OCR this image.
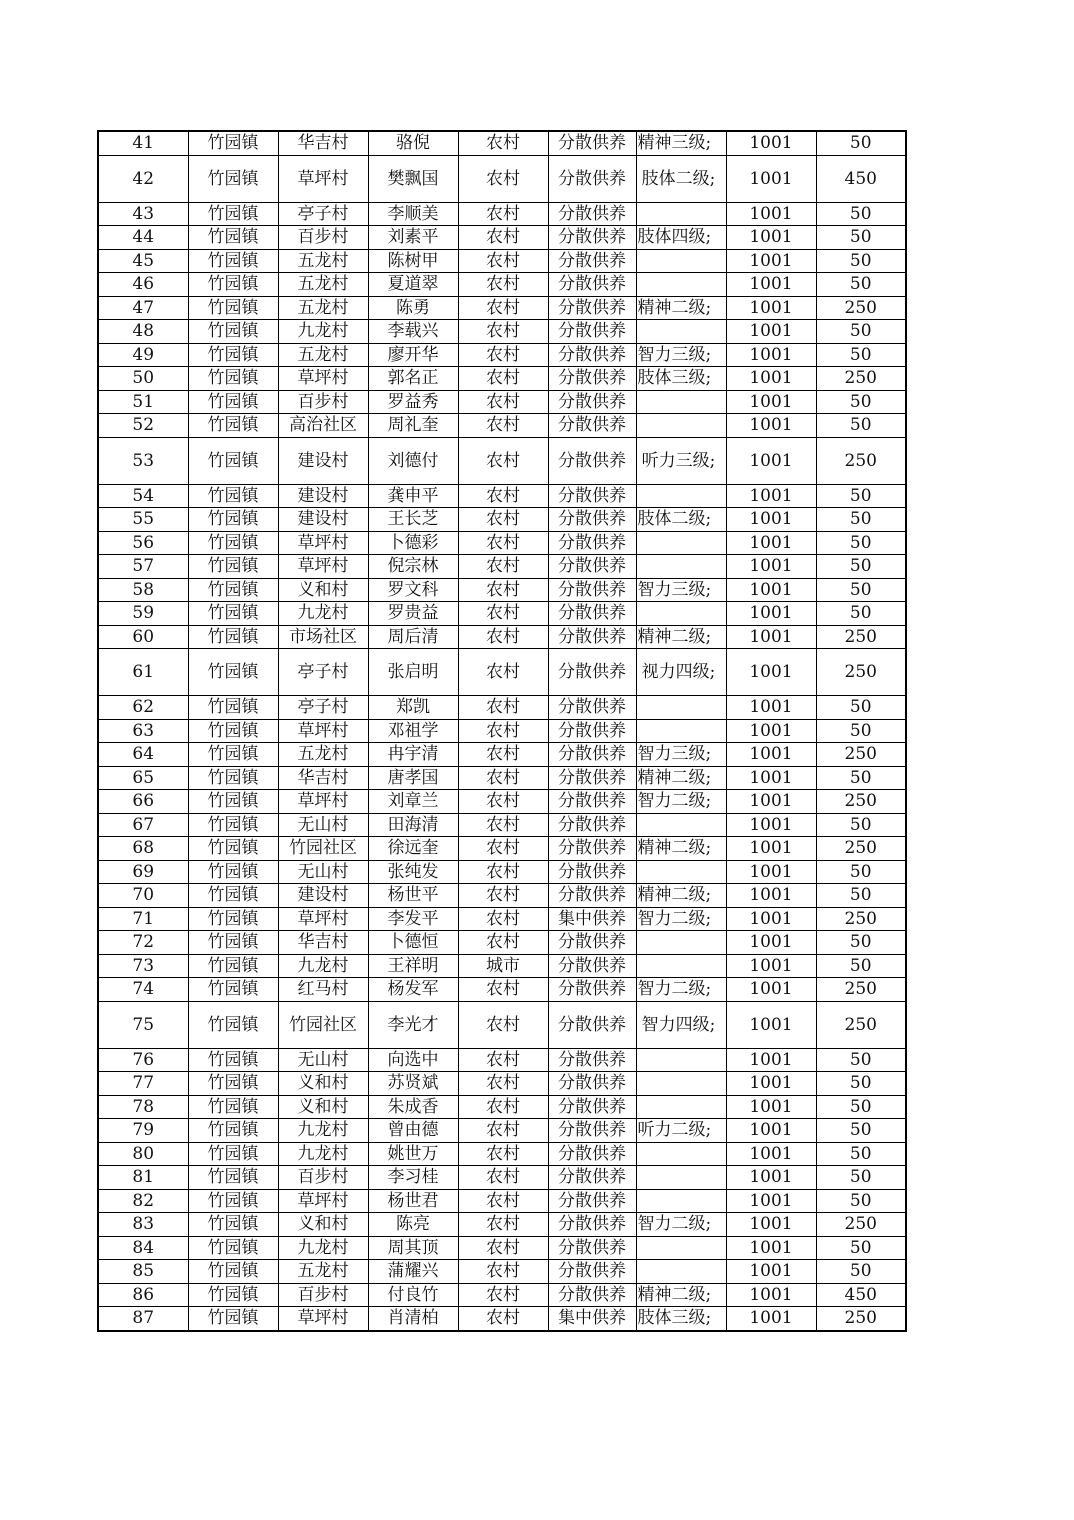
41	竹园镇	华吉村	骆倪	农村	分散供养	精神三级;	1001	50
42	竹园镇	草坪村	樊飘国	农村	分散供养	肢体二级;	1001	450
43	竹园镇	亭子村	李顺美	农村	分散供养		1001	50
44	竹园镇	百步村	刘素平	农村	分散供养	肢体四级;	1001	50
45	竹园镇	五龙村	陈树甲	农村	分散供养		1001	50
46	竹园镇	五龙村	夏道翠	农村	分散供养		1001	50
47	竹园镇	五龙村	陈勇	农村	分散供养	精神二级;	1001	250
48	竹园镇	九龙村	李载兴	农村	分散供养		1001	50
49	竹园镇	五龙村	廖开华	农村	分散供养	智力三级;	1001	50
50	竹园镇	草坪村	郭名正	农村	分散供养	肢体三级;	1001	250
51	竹园镇	百步村	罗益秀	农村	分散供养		1001	50
52	竹园镇	高治社区	周礼奎	农村	分散供养		1001	50
53	竹园镇	建设村	刘德付	农村	分散供养	听力三级;	1001	250
54	竹园镇	建设村	龚申平	农村	分散供养		1001	50
55	竹园镇	建设村	王长芝	农村	分散供养	肢体二级;	1001	50
56	竹园镇	草坪村	卜德彩	农村	分散供养		1001	50
57	竹园镇	草坪村	倪宗林	农村	分散供养		1001	50
58	竹园镇	义和村	罗文科	农村	分散供养	智力三级;	1001	50
59	竹园镇	九龙村	罗贵益	农村	分散供养		1001	50
60	竹园镇	市场社区	周后清	农村	分散供养	精神二级;	1001	250
61	竹园镇	亭子村	张启明	农村	分散供养	视力四级;	1001	250
62	竹园镇	亭子村	郑凯	农村	分散供养		1001	50
63	竹园镇	草坪村	邓祖学	农村	分散供养		1001	50
64	竹园镇	五龙村	冉宇清	农村	分散供养	智力三级;	1001	250
65	竹园镇	华吉村	唐孝国	农村	分散供养	精神二级;	1001	50
66	竹园镇	草坪村	刘章兰	农村	分散供养	智力二级;	1001	250
67	竹园镇	无山村	田海清	农村	分散供养		1001	50
68	竹园镇	竹园社区	徐远奎	农村	分散供养	精神二级;	1001	250
69	竹园镇	无山村	张纯发	农村	分散供养		1001	50
70	竹园镇	建设村	杨世平	农村	分散供养	精神二级;	1001	50
71	竹园镇	草坪村	李发平	农村	集中供养	智力二级;	1001	250
72	竹园镇	华吉村	卜德恒	农村	分散供养		1001	50
73	竹园镇	九龙村	王祥明	城市	分散供养		1001	50
74	竹园镇	红马村	杨发军	农村	分散供养	智力二级;	1001	250
75	竹园镇	竹园社区	李光才	农村	分散供养	智力四级;	1001	250
76	竹园镇	无山村	向选中	农村	分散供养		1001	50
77	竹园镇	义和村	苏贤斌	农村	分散供养		1001	50
78	竹园镇	义和村	朱成香	农村	分散供养		1001	50
79	竹园镇	九龙村	曾由德	农村	分散供养	听力二级;	1001	50
80	竹园镇	九龙村	姚世万	农村	分散供养		1001	50
81	竹园镇	百步村	李习桂	农村	分散供养		1001	50
82	竹园镇	草坪村	杨世君	农村	分散供养		1001	50
83	竹园镇	义和村	陈亮	农村	分散供养	智力二级;	1001	250
84	竹园镇	九龙村	周其顶	农村	分散供养		1001	50
85	竹园镇	五龙村	蒲耀兴	农村	分散供养		1001	50
86	竹园镇	百步村	付良竹	农村	分散供养	精神二级;	1001	450
87	竹园镇	草坪村	肖清柏	农村	集中供养	肢体三级;	1001	250
